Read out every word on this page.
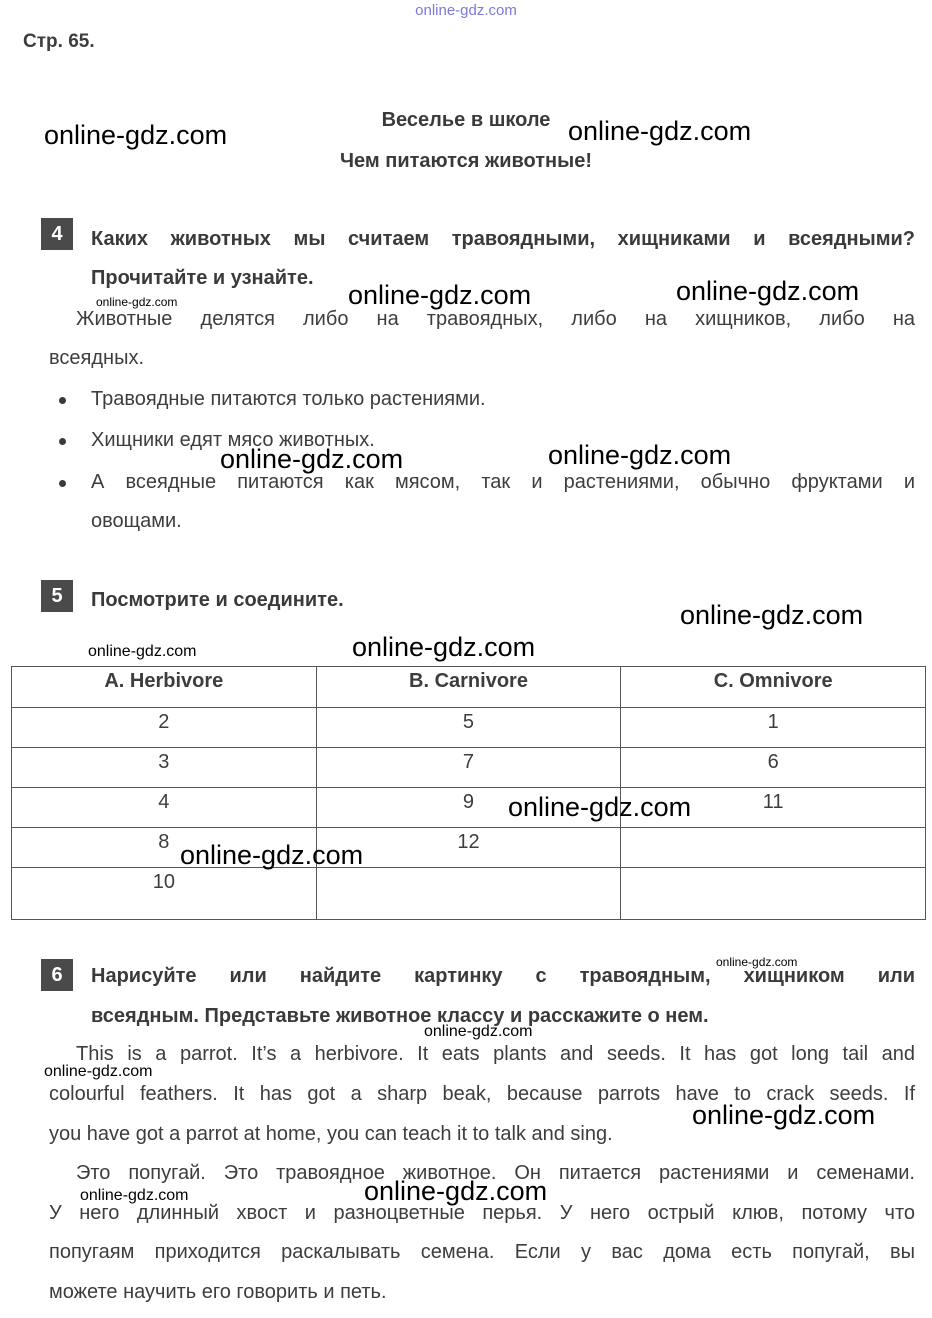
online-gdz.com
Стр. 65.
Веселье в школе
Чем питаются животные!
4	Каких животных мы считаем травоядными, хищниками и всеядными?
Прочитайте и узнайте.
Животные делятся либо на травоядных, либо на хищников, либо на
всеядных.
Травоядные питаются только растениями.
Хищники едят мясо животных.
А всеядные питаются как мясом, так и растениями, обычно фруктами и
овощами.
5	Посмотрите и соедините.
A. Herbivore	B. Carnivore	C. Omnivore
2	5	1
3	7	6
4	9	11
8	12	
10		
6	Нарисуйте или найдите картинку с травоядным, хищником или
всеядным. Представьте животное классу и расскажите о нем.
This is a parrot. It’s a herbivore. It eats plants and seeds. It has got long tail and
colourful feathers. It has got a sharp beak, because parrots have to crack seeds. If
you have got a parrot at home, you can teach it to talk and sing.
Это попугай. Это травоядное животное. Он питается растениями и семенами.
У него длинный хвост и разноцветные перья. У него острый клюв, потому что
попугаям приходится раскалывать семена. Если у вас дома есть попугай, вы
можете научить его говорить и петь.
online-gdz.com	online-gdz.com
online-gdz.com	online-gdz.com	online-gdz.com
online-gdz.com	online-gdz.com
online-gdz.com
online-gdz.com	online-gdz.com
online-gdz.com
online-gdz.com
online-gdz.com
online-gdz.com
online-gdz.com
online-gdz.com
online-gdz.com	online-gdz.com
